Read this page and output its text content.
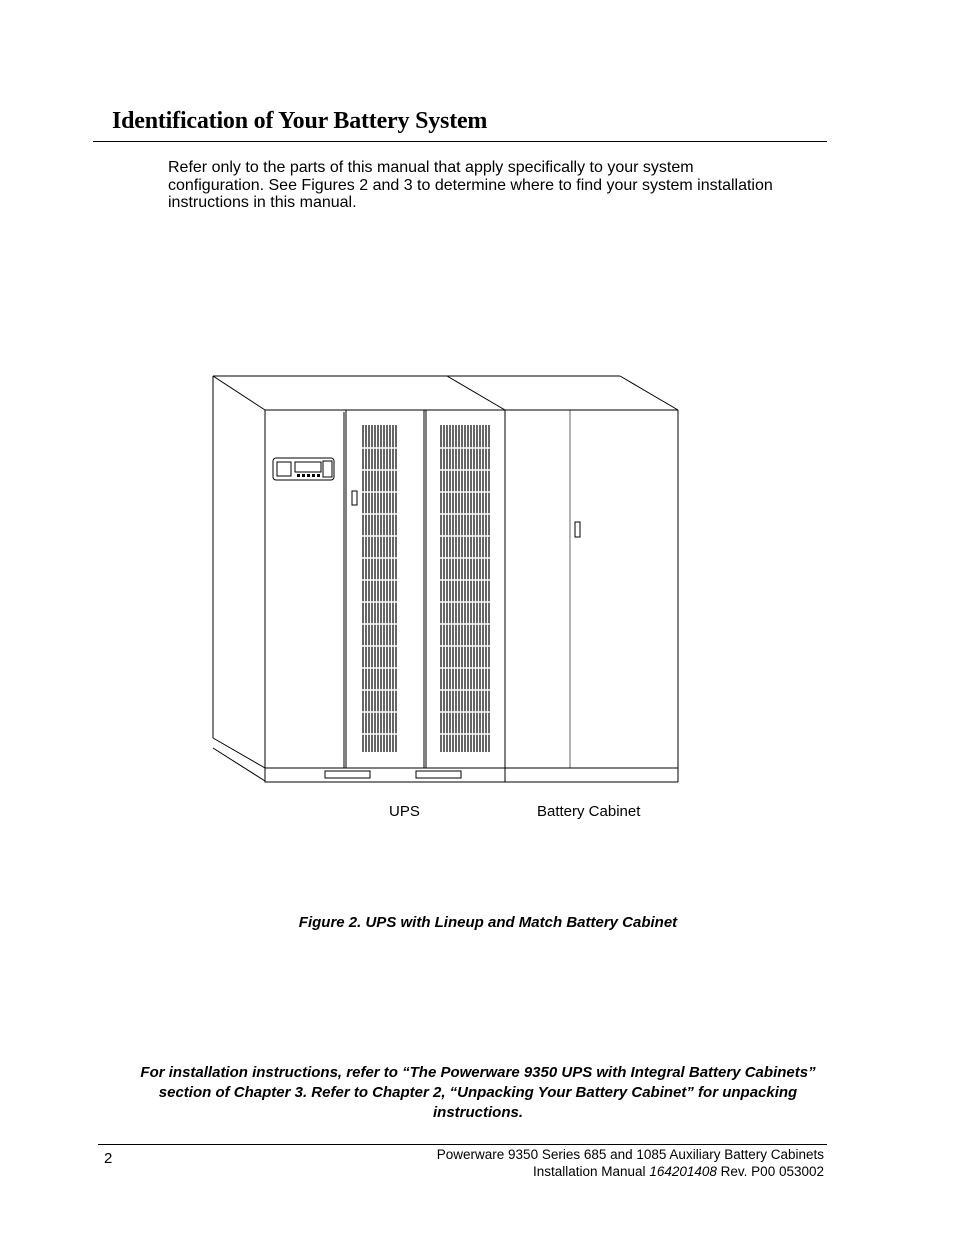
Identification of Your Battery System

Refer only to the parts of this manual that apply specifically to your system configuration. See Figures 2 and 3 to determine where to find your system installation instructions in this manual.

UPS	Battery Cabinet
Figure 2. UPS with Lineup and Match Battery Cabinet

For installation instructions, refer to “The Powerware 9350 UPS with Integral Battery Cabinets” section of Chapter 3. Refer to Chapter 2, “Unpacking Your Battery Cabinet” for unpacking instructions.

2	Powerware 9350 Series 685 and 1085 Auxiliary Battery Cabinets
Installation Manual 164201408 Rev. P00 053002
